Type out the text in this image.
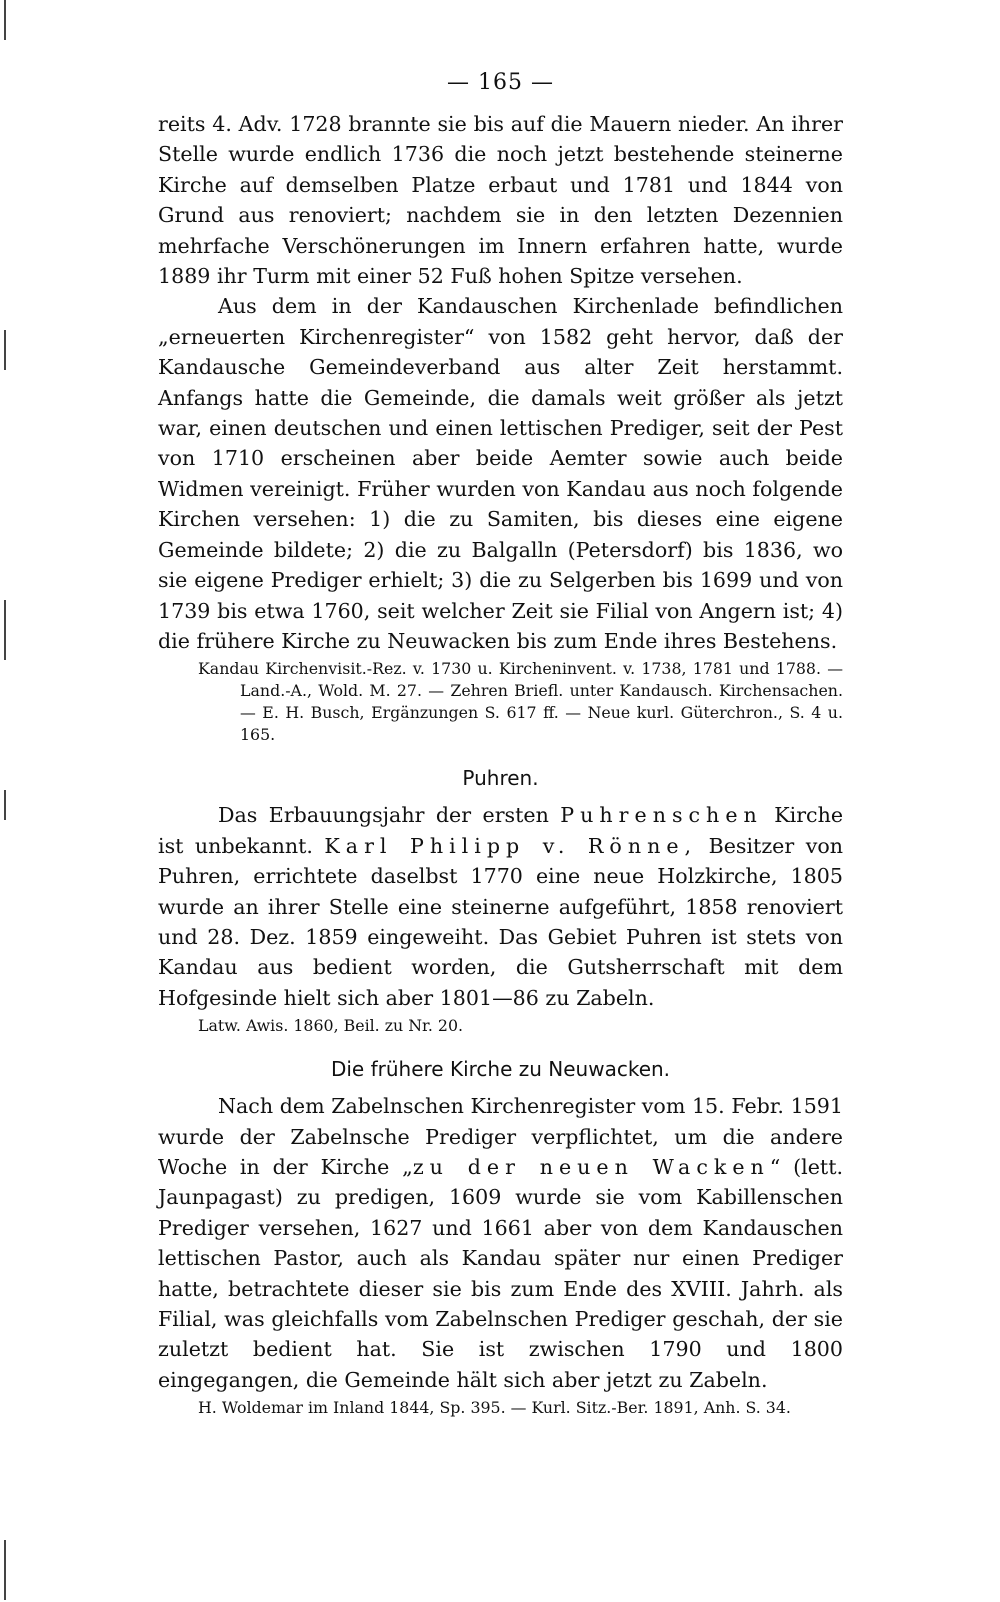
— 165 —

reits 4. Adv. 1728 brannte sie bis auf die Mauern nieder. An ihrer Stelle wurde endlich 1736 die noch jetzt bestehende steinerne Kirche auf demselben Platze erbaut und 1781 und 1844 von Grund aus renoviert; nachdem sie in den letzten Dezennien mehrfache Verschönerungen im Innern erfahren hatte, wurde 1889 ihr Turm mit einer 52 Fuß hohen Spitze versehen.

Aus dem in der Kandauschen Kirchenlade befindlichen „erneuerten Kirchenregister“ von 1582 geht hervor, daß der Kandausche Gemeindeverband aus alter Zeit herstammt. Anfangs hatte die Gemeinde, die damals weit größer als jetzt war, einen deutschen und einen lettischen Prediger, seit der Pest von 1710 erscheinen aber beide Aemter sowie auch beide Widmen vereinigt. Früher wurden von Kandau aus noch folgende Kirchen versehen: 1) die zu Samiten, bis dieses eine eigene Gemeinde bildete; 2) die zu Balgalln (Petersdorf) bis 1836, wo sie eigene Prediger erhielt; 3) die zu Selgerben bis 1699 und von 1739 bis etwa 1760, seit welcher Zeit sie Filial von Angern ist; 4) die frühere Kirche zu Neuwacken bis zum Ende ihres Bestehens.

Kandau Kirchenvisit.-Rez. v. 1730 u. Kircheninvent. v. 1738, 1781 und 1788. — Land.-A., Wold. M. 27. — Zehren Briefl. unter Kandausch. Kirchensachen. — E. H. Busch, Ergänzungen S. 617 ff. — Neue kurl. Güterchron., S. 4 u. 165.

Puhren.

Das Erbauungsjahr der ersten Puhrenschen Kirche ist unbekannt. Karl Philipp v. Rönne, Besitzer von Puhren, errichtete daselbst 1770 eine neue Holzkirche, 1805 wurde an ihrer Stelle eine steinerne aufgeführt, 1858 renoviert und 28. Dez. 1859 eingeweiht. Das Gebiet Puhren ist stets von Kandau aus bedient worden, die Gutsherrschaft mit dem Hofgesinde hielt sich aber 1801—86 zu Zabeln.

Latw. Awis. 1860, Beil. zu Nr. 20.

Die frühere Kirche zu Neuwacken.

Nach dem Zabelnschen Kirchenregister vom 15. Febr. 1591 wurde der Zabelnsche Prediger verpflichtet, um die andere Woche in der Kirche „zu der neuen Wacken“ (lett. Jaunpagast) zu predigen, 1609 wurde sie vom Kabillenschen Prediger versehen, 1627 und 1661 aber von dem Kandauschen lettischen Pastor, auch als Kandau später nur einen Prediger hatte, betrachtete dieser sie bis zum Ende des XVIII. Jahrh. als Filial, was gleichfalls vom Zabelnschen Prediger geschah, der sie zuletzt bedient hat. Sie ist zwischen 1790 und 1800 eingegangen, die Gemeinde hält sich aber jetzt zu Zabeln.

H. Woldemar im Inland 1844, Sp. 395. — Kurl. Sitz.-Ber. 1891, Anh. S. 34.
